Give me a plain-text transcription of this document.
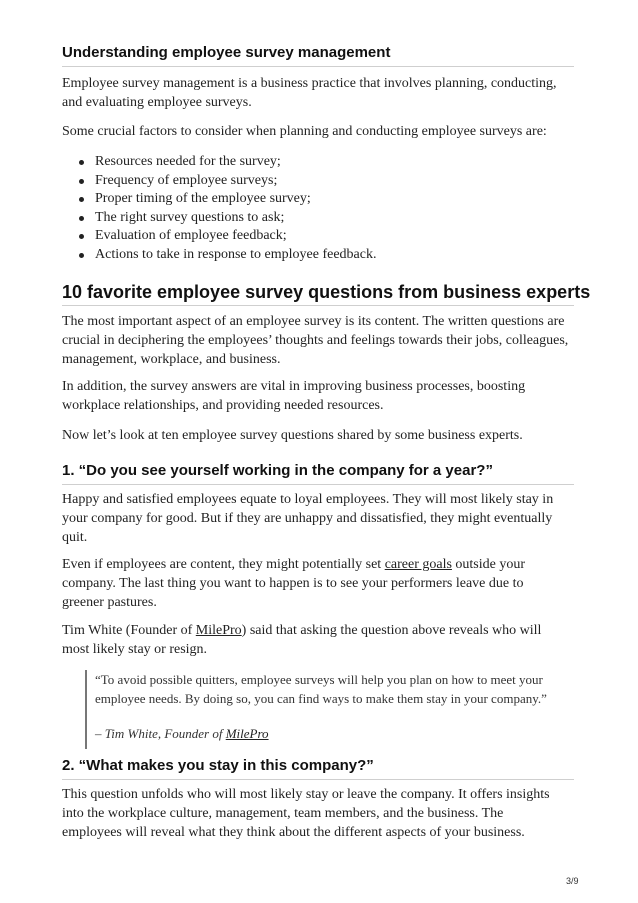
Understanding employee survey management

Employee survey management is a business practice that involves planning, conducting,
and evaluating employee surveys.

Some crucial factors to consider when planning and conducting employee surveys are:

Resources needed for the survey;
Frequency of employee surveys;
Proper timing of the employee survey;
The right survey questions to ask;
Evaluation of employee feedback;
Actions to take in response to employee feedback.
10 favorite employee survey questions from business experts

The most important aspect of an employee survey is its content. The written questions are
crucial in deciphering the employees’ thoughts and feelings towards their jobs, colleagues,
management, workplace, and business.

In addition, the survey answers are vital in improving business processes, boosting
workplace relationships, and providing needed resources.

Now let’s look at ten employee survey questions shared by some business experts.

1. “Do you see yourself working in the company for a year?”

Happy and satisfied employees equate to loyal employees. They will most likely stay in
your company for good. But if they are unhappy and dissatisfied, they might eventually
quit.

Even if employees are content, they might potentially set career goals outside your
company. The last thing you want to happen is to see your performers leave due to
greener pastures.

Tim White (Founder of MilePro) said that asking the question above reveals who will
most likely stay or resign.

“To avoid possible quitters, employee surveys will help you plan on how to meet your
employee needs. By doing so, you can find ways to make them stay in your company.”

– Tim White, Founder of MilePro
2. “What makes you stay in this company?”

This question unfolds who will most likely stay or leave the company. It offers insights
into the workplace culture, management, team members, and the business. The
employees will reveal what they think about the different aspects of your business.

3/9
